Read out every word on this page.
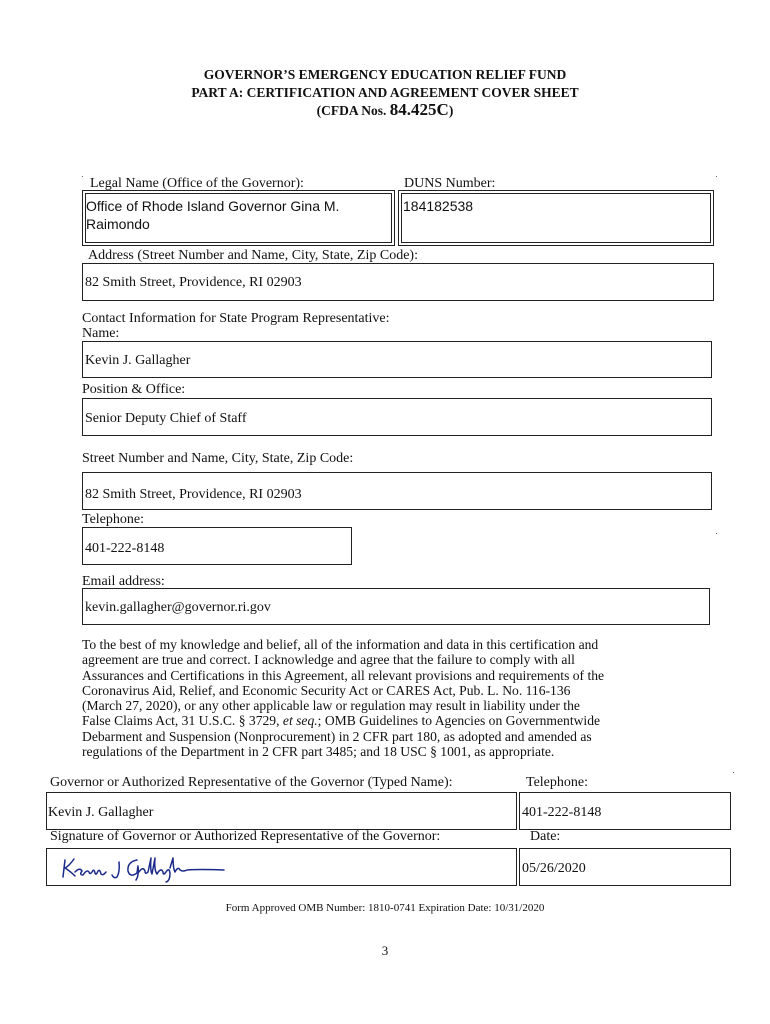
GOVERNOR’S EMERGENCY EDUCATION RELIEF FUND
PART A: CERTIFICATION AND AGREEMENT COVER SHEET
(CFDA Nos. 84.425C)
Legal Name (Office of the Governor):	DUNS Number:
Office of Rhode Island Governor Gina M.
Raimondo
184182538
Address (Street Number and Name, City, State, Zip Code):
82 Smith Street, Providence, RI 02903
Contact Information for State Program Representative:
Name:
Kevin J. Gallagher
Position & Office:
Senior Deputy Chief of Staff
Street Number and Name, City, State, Zip Code:
82 Smith Street, Providence, RI 02903
Telephone:
401-222-8148
Email address:
kevin.gallagher@governor.ri.gov
To the best of my knowledge and belief, all of the information and data in this certification and
agreement are true and correct. I acknowledge and agree that the failure to comply with all
Assurances and Certifications in this Agreement, all relevant provisions and requirements of the
Coronavirus Aid, Relief, and Economic Security Act or CARES Act, Pub. L. No. 116-136
(March 27, 2020), or any other applicable law or regulation may result in liability under the
False Claims Act, 31 U.S.C. § 3729, et seq.; OMB Guidelines to Agencies on Governmentwide
Debarment and Suspension (Nonprocurement) in 2 CFR part 180, as adopted and amended as
regulations of the Department in 2 CFR part 3485; and 18 USC § 1001, as appropriate.
Governor or Authorized Representative of the Governor (Typed Name):	Telephone:
Kevin J. Gallagher	401-222-8148
Signature of Governor or Authorized Representative of the Governor:	Date:
05/26/2020
Form Approved OMB Number: 1810-0741 Expiration Date: 10/31/2020
3
